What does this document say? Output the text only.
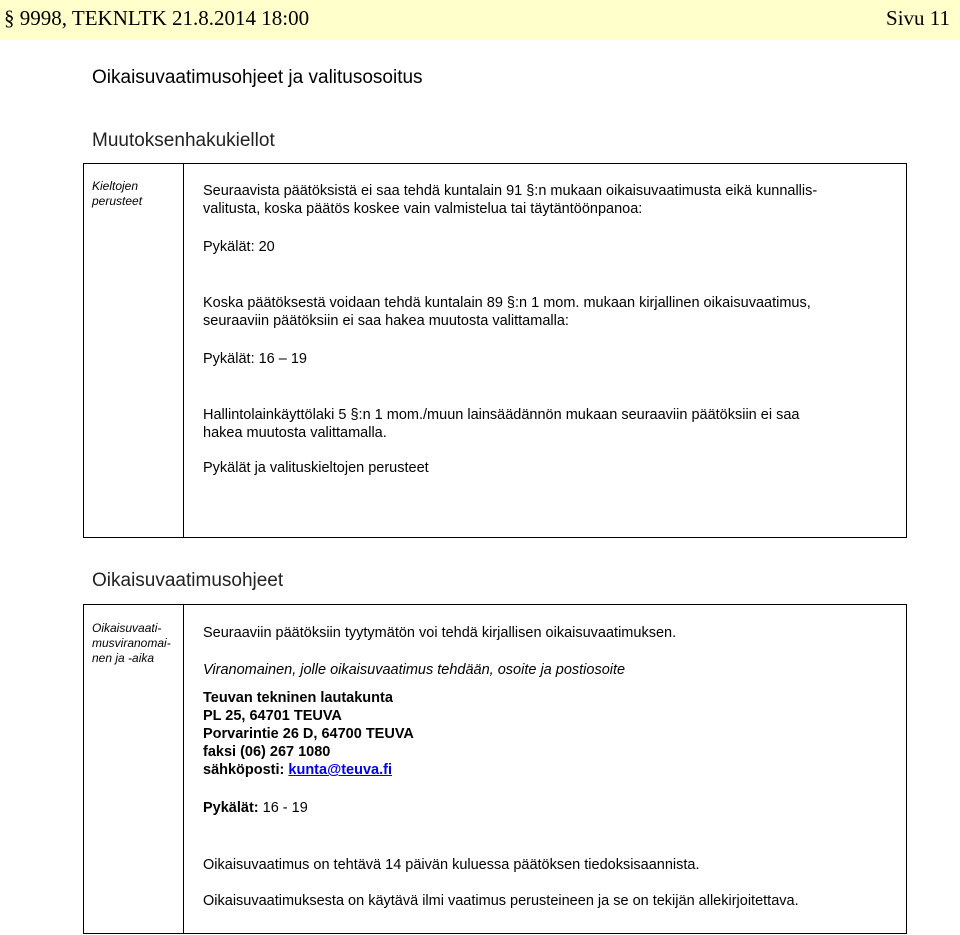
§ 9998, TEKNLTK 21.8.2014 18:00	Sivu 11
Oikaisuvaatimusohjeet ja valitusosoitus
Muutoksenhakukiellot
Kieltojen
perusteet
Seuraavista päätöksistä ei saa tehdä kuntalain 91 §:n mukaan oikaisuvaatimusta eikä kunnallis-
valitusta, koska päätös koskee vain valmistelua tai täytäntöönpanoa:
Pykälät: 20
Koska päätöksestä voidaan tehdä kuntalain 89 §:n 1 mom. mukaan kirjallinen oikaisuvaatimus,
seuraaviin päätöksiin ei saa hakea muutosta valittamalla:
Pykälät: 16 – 19
Hallintolainkäyttölaki 5 §:n 1 mom./muun lainsäädännön mukaan seuraaviin päätöksiin ei saa
hakea muutosta valittamalla.
Pykälät ja valituskieltojen perusteet
Oikaisuvaatimusohjeet
Oikaisuvaati-
musviranomai-
nen ja -aika
Seuraaviin päätöksiin tyytymätön voi tehdä kirjallisen oikaisuvaatimuksen.
Viranomainen, jolle oikaisuvaatimus tehdään, osoite ja postiosoite
Teuvan tekninen lautakunta
PL 25, 64701 TEUVA
Porvarintie 26 D, 64700 TEUVA
faksi (06) 267 1080
sähköposti: kunta@teuva.fi
Pykälät: 16 - 19
Oikaisuvaatimus on tehtävä 14 päivän kuluessa päätöksen tiedoksisaannista.
Oikaisuvaatimuksesta on käytävä ilmi vaatimus perusteineen ja se on tekijän allekirjoitettava.
